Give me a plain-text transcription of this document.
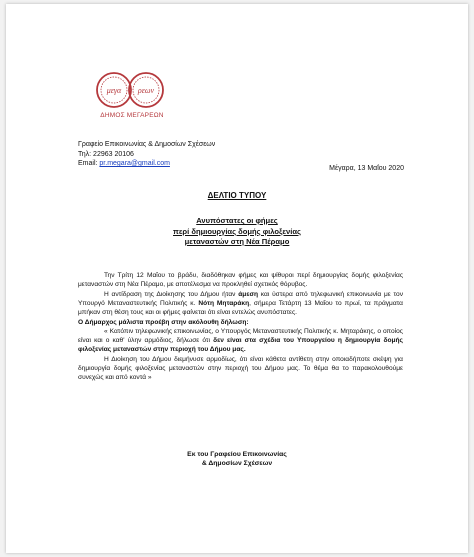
μεγα ρεων
ΔΗΜΟΣ ΜΕΓΑΡΕΩΝ
Γραφείο Επικοινωνίας & Δημοσίων Σχέσεων
Τηλ: 22963 20106
Email: pr.megara@gmail.com
Μέγαρα, 13 Μαΐου 2020
ΔΕΛΤΙΟ ΤΥΠΟΥ
Ανυπόστατες οι φήμες
περί δημιουργίας δομής φιλοξενίας
μεταναστών στη Νέα Πέραμο

Την Τρίτη 12 Μαΐου το βράδυ, διαδόθηκαν φήμες και ψίθυροι περί δημιουργίας δομής φιλοξενίας μεταναστών στη Νέα Πέραμο, με αποτέλεσμα να προκληθεί σχετικός θόρυβος.

Η αντίδραση της Διοίκησης του Δήμου ήταν άμεση και ύστερα από τηλεφωνική επικοινωνία με τον Υπουργό Μεταναστευτικής Πολιτικής κ. Νότη Μηταράκη, σήμερα Τετάρτη 13 Μαΐου το πρωί, τα πράγματα μπήκαν στη θέση τους και οι φήμες φαίνεται ότι είναι εντελώς ανυπόστατες.

Ο Δήμαρχος μάλιστα προέβη στην ακόλουθη δήλωση:

« Κατόπιν τηλεφωνικής επικοινωνίας, ο Υπουργός Μεταναστευτικής Πολιτικής κ. Μηταράκης, ο οποίος είναι και ο καθ' ύλην αρμόδιος, δήλωσε ότι δεν είναι στα σχέδια του Υπουργείου η δημιουργία δομής φιλοξενίας μεταναστών στην περιοχή του Δήμου μας.

Η Διοίκηση του Δήμου διεμήνυσε αρμοδίως, ότι είναι κάθετα αντίθετη στην οποιαδήποτε σκέψη για δημιουργία δομής φιλοξενίας μεταναστών στην περιοχή του Δήμου μας. Το θέμα θα το παρακολουθούμε συνεχώς και από κοντά »

Εκ του Γραφείου Επικοινωνίας
& Δημοσίων Σχέσεων
